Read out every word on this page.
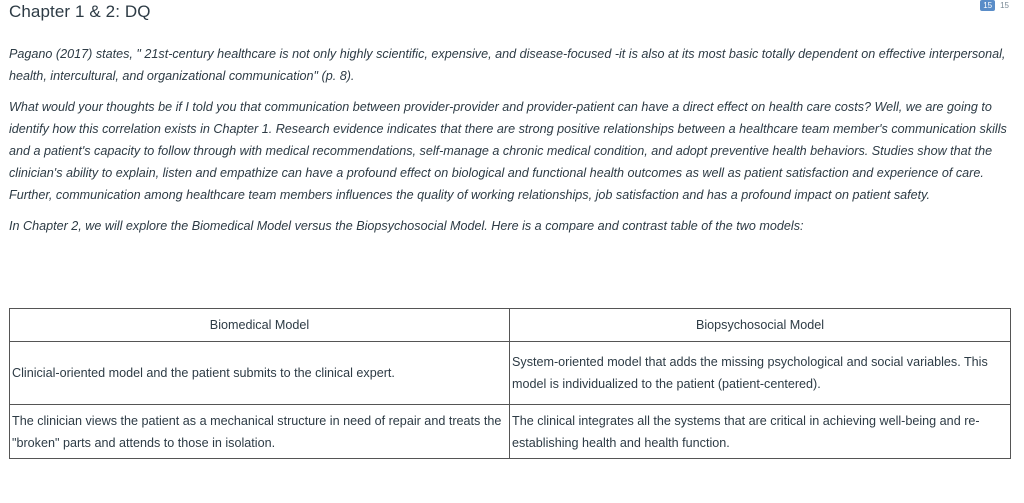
Chapter 1 & 2: DQ	15	15

Pagano (2017) states, " 21st-century healthcare is not only highly scientific, expensive, and disease-focused -it is also at its most basic totally dependent on effective interpersonal, health, intercultural, and organizational communication" (p. 8).

What would your thoughts be if I told you that communication between provider-provider and provider-patient can have a direct effect on health care costs? Well, we are going to identify how this correlation exists in Chapter 1. Research evidence indicates that there are strong positive relationships between a healthcare team member's communication skills and a patient's capacity to follow through with medical recommendations, self-manage a chronic medical condition, and adopt preventive health behaviors. Studies show that the clinician's ability to explain, listen and empathize can have a profound effect on biological and functional health outcomes as well as patient satisfaction and experience of care. Further, communication among healthcare team members influences the quality of working relationships, job satisfaction and has a profound impact on patient safety.

In Chapter 2, we will explore the Biomedical Model versus the Biopsychosocial Model. Here is a compare and contrast table of the two models:

Biomedical Model	Biopsychosocial Model
Clinicial-oriented model and the patient submits to the clinical expert.	System-oriented model that adds the missing psychological and social variables. This model is individualized to the patient (patient-centered).
The clinician views the patient as a mechanical structure in need of repair and treats the "broken" parts and attends to those in isolation.	The clinical integrates all the systems that are critical in achieving well-being and re-establishing health and health function.
